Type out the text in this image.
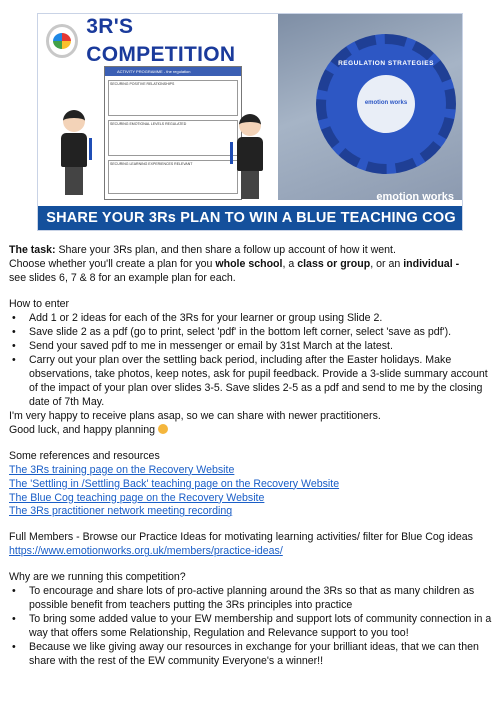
3R'S COMPETITION
ACTIVITY PROGRAMME - the regulation
SECURING POSITIVE RELATIONSHIPS
SECURING EMOTIONAL LEVELS REGULATED
SECURING LEARNING EXPERIENCES RELEVANT
REGULATION STRATEGIES
emotion works
emotion works
SHARE YOUR 3Rs PLAN TO WIN A BLUE TEACHING COG

The task: Share your 3Rs plan, and then share a follow up account of how it went.

Choose whether you'll create a plan for you whole school, a class or group, or an individual -

see slides 6, 7 & 8 for an example plan for each.

How to enter

• Add 1 or 2 ideas for each of the 3Rs for your learner or group using Slide 2.
• Save slide 2 as a pdf (go to print, select 'pdf' in the bottom left corner, select 'save as pdf').
• Send your saved pdf to me in messenger or email by 31st March at the latest.
• Carry out your plan over the settling back period, including after the Easter holidays. Make observations, take photos, keep notes, ask for pupil feedback. Provide a 3-slide summary account of the impact of your plan over slides 3-5. Save slides 2-5 as a pdf and send to me by the closing date of 7th May.

I'm very happy to receive plans asap, so we can share with newer practitioners.

Good luck, and happy planning

Some references and resources

The 3Rs training page on the Recovery Website

The 'Settling in /Settling Back' teaching page on the Recovery Website

The Blue Cog teaching page on the Recovery Website

The 3Rs practitioner network meeting recording

Full Members - Browse our Practice Ideas for motivating learning activities/ filter for Blue Cog ideas

https://www.emotionworks.org.uk/members/practice-ideas/

Why are we running this competition?

• To encourage and share lots of pro-active planning around the 3Rs so that as many children as possible benefit from teachers putting the 3Rs principles into practice
• To bring some added value to your EW membership and support lots of community connection in a way that offers some Relationship, Regulation and Relevance support to you too!
• Because we like giving away our resources in exchange for your brilliant ideas, that we can then share with the rest of the EW community Everyone's a winner!!
